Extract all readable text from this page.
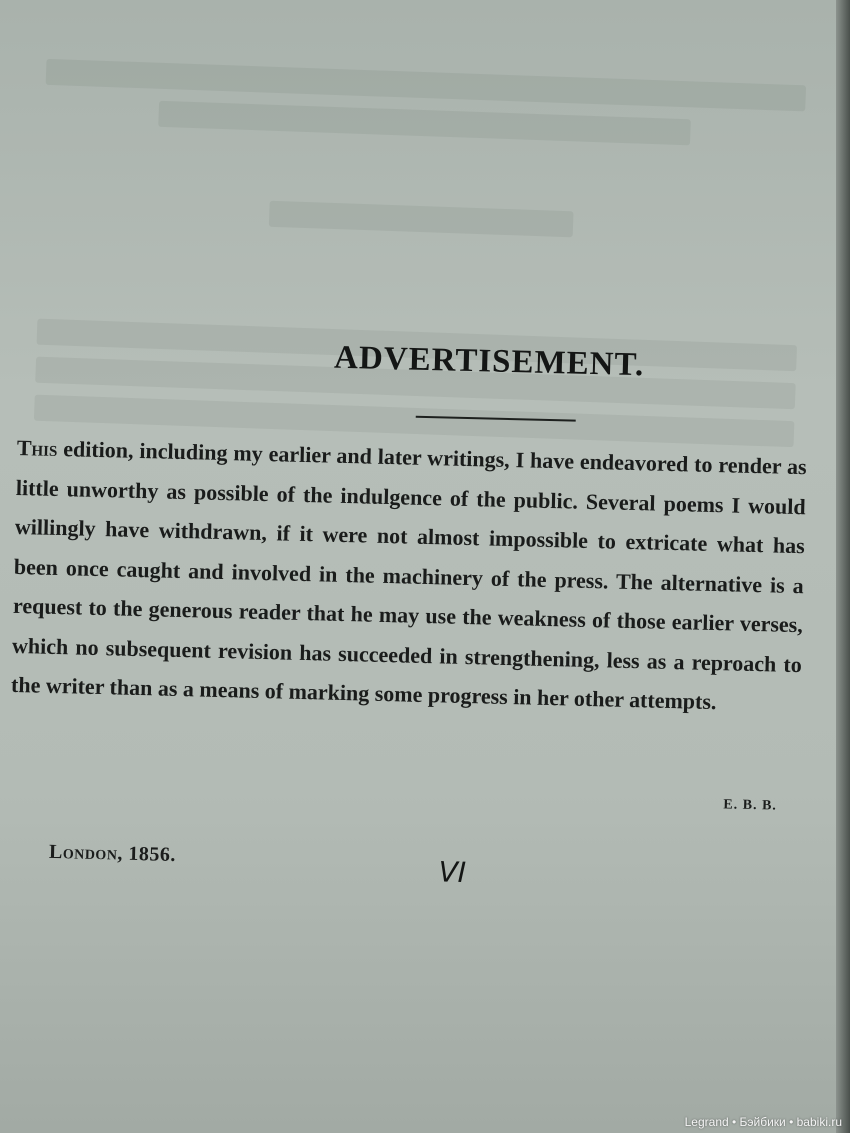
ADVERTISEMENT.
This edition, including my earlier and later writings, I have endeavored to render as little unworthy as possible of the indulgence of the public. Several poems I would willingly have withdrawn, if it were not almost impossible to extricate what has been once caught and involved in the machinery of the press. The alternative is a request to the generous reader that he may use the weakness of those earlier verses, which no subsequent revision has succeeded in strengthening, less as a reproach to the writer than as a means of marking some progress in her other attempts.
E. B. B.
London, 1856.
VI
Legrand • Бэйбики • babiki.ru
